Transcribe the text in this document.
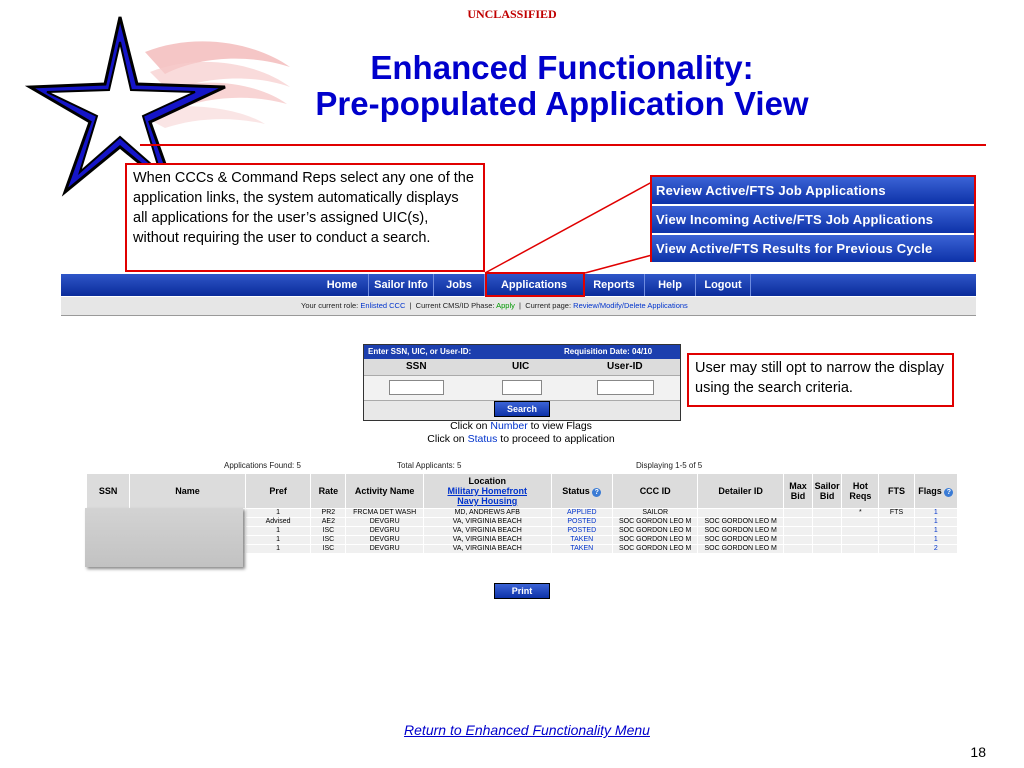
UNCLASSIFIED
Enhanced Functionality:
Pre-populated Application View
When CCCs & Command Reps select any one of the application links, the system automatically displays all applications for the user’s assigned UIC(s), without requiring the user to conduct a search.
Review Active/FTS Job Applications
View Incoming Active/FTS Job Applications
View Active/FTS Results for Previous Cycle
Home	Sailor Info	Jobs	Applications	Reports	Help	Logout
Your current role: Enlisted CCC  |  Current CMS/ID Phase: Apply  |  Current page: Review/Modify/Delete Applications
Enter SSN, UIC, or User-ID:	Requisition Date: 04/10
SSN	UIC	User-ID
Search
User may still opt to narrow the display using the search criteria.
Click on Number to view Flags
Click on Status to proceed to application
Applications Found: 5	Total Applicants: 5	Displaying 1-5 of 5
SSN	Name	Pref	Rate	Activity Name	Location
Military Homefront
Navy Housing	Status ?	CCC ID	Detailer ID	Max Bid	Sailor Bid	Hot Reqs	FTS	Flags ?
		1	PR2	FRCMA DET WASH	MD, ANDREWS AFB	APPLIED	SAILOR				*	FTS	1
		Advised	AE2	DEVGRU	VA, VIRGINIA BEACH	POSTED	SOC GORDON LEO M	SOC GORDON LEO M					1
		1	ISC	DEVGRU	VA, VIRGINIA BEACH	POSTED	SOC GORDON LEO M	SOC GORDON LEO M					1
		1	ISC	DEVGRU	VA, VIRGINIA BEACH	TAKEN	SOC GORDON LEO M	SOC GORDON LEO M					1
		1	ISC	DEVGRU	VA, VIRGINIA BEACH	TAKEN	SOC GORDON LEO M	SOC GORDON LEO M					2
Print
Return to Enhanced Functionality Menu
18
